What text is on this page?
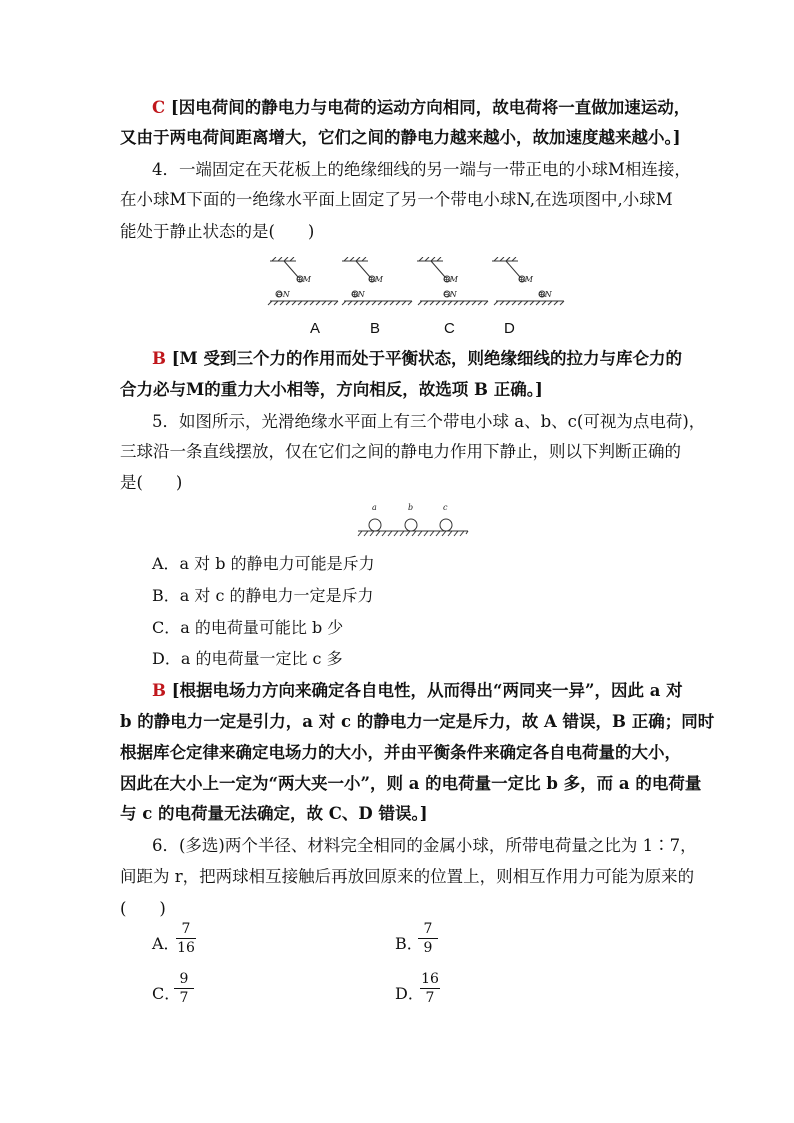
C [因电荷间的静电力与电荷的运动方向相同，故电荷将一直做加速运动，
又由于两电荷间距离增大，它们之间的静电力越来越小，故加速度越来越小。]
4．一端固定在天花板上的绝缘细线的另一端与一带正电的小球M相连接，
在小球M下面的一绝缘水平面上固定了另一个带电小球N,在选项图中,小球M
能处于静止状态的是(　　)
⊕M
⊖N
⊕M
⊕N
⊕M
⊖N
⊕M
⊕N
A	B	C	D
B [M 受到三个力的作用而处于平衡状态，则绝缘细线的拉力与库仑力的
合力必与M的重力大小相等，方向相反，故选项 B 正确。]
5．如图所示，光滑绝缘水平面上有三个带电小球 a、b、c(可视为点电荷)，
三球沿一条直线摆放，仅在它们之间的静电力作用下静止，则以下判断正确的
是(　　)
a	b	c
A．a 对 b 的静电力可能是斥力
B．a 对 c 的静电力一定是斥力
C．a 的电荷量可能比 b 少
D．a 的电荷量一定比 c 多
B [根据电场力方向来确定各自电性，从而得出“两同夹一异”，因此 a 对
b 的静电力一定是引力，a 对 c 的静电力一定是斥力，故 A 错误，B 正确；同时
根据库仑定律来确定电场力的大小，并由平衡条件来确定各自电荷量的大小，
因此在大小上一定为“两大夹一小”，则 a 的电荷量一定比 b 多，而 a 的电荷量
与 c 的电荷量无法确定，故 C、D 错误。]
6．(多选)两个半径、材料完全相同的金属小球，所带电荷量之比为 1∶7，
间距为 r，把两球相互接触后再放回原来的位置上，则相互作用力可能为原来的
(　　)
A．
7
16	B．
7
9
C．
9
7	D．
16
7
